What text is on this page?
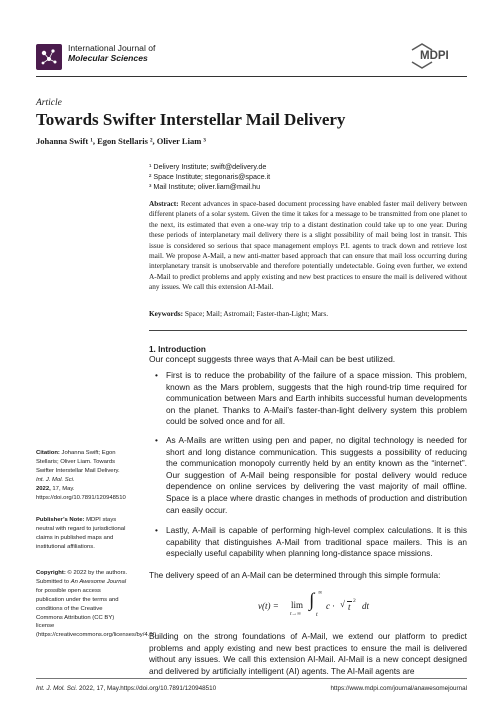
International Journal of
Molecular Sciences	MDPI
Article
Towards Swifter Interstellar Mail Delivery
Johanna Swift ¹, Egon Stellaris ², Oliver Liam ³
¹ Delivery Institute; swift@delivery.de
² Space Institute; stegonaris@space.it
³ Mail Institute; oliver.liam@mail.hu
Abstract: Recent advances in space-based document processing have enabled faster mail delivery between different planets of a solar system. Given the time it takes for a message to be transmitted from one planet to the next, its estimated that even a one-way trip to a distant destination could take up to one year. During these periods of interplanetary mail delivery there is a slight possibility of mail being lost in transit. This issue is considered so serious that space management employs P.I. agents to track down and retrieve lost mail. We propose A-Mail, a new anti-matter based approach that can ensure that mail loss occurring during interplanetary transit is unobservable and therefore potentially undetectable. Going even further, we extend A-Mail to predict problems and apply existing and new best practices to ensure the mail is delivered without any issues. We call this extension AI-Mail.
Keywords: Space; Mail; Astromail; Faster-than-Light; Mars.
1. Introduction
Our concept suggests three ways that A-Mail can be best utilized.
• First is to reduce the probability of the failure of a space mission. This problem, known as the Mars problem, suggests that the high round-trip time required for communication between Mars and Earth inhibits successful human developments on the planet. Thanks to A-Mail’s faster-than-light delivery system this problem could be solved once and for all.
• As A-Mails are written using pen and paper, no digital technology is needed for short and long distance communication. This suggests a possibility of reducing the communication monopoly currently held by an entity known as the “internet”. Our suggestion of A-Mail being responsible for postal delivery would reduce dependence on online services by delivering the vast majority of mail offline. Space is a place where drastic changes in methods of production and distribution can easily occur.
• Lastly, A-Mail is capable of performing high-level complex calculations. It is this capability that distinguishes A-Mail from traditional space mailers. This is an especially useful capability when planning long-distance space missions.
The delivery speed of an A-Mail can be determined through this simple formula:
v(t) = lim
t→∞
∫ ∞
t
c · √ t
2 dt
Building on the strong foundations of A-Mail, we extend our platform to predict problems and apply existing and new best practices to ensure the mail is delivered without any issues. We call this extension AI-Mail. AI-Mail is a new concept designed and delivered by artificially intelligent (AI) agents. The AI-Mail agents are
Citation: Johanna Swift; Egon Stellaris; Oliver Liam. Towards Swifter Interstellar Mail Delivery. Int. J. Mol. Sci.
2022, 17, May.
https://doi.org/10.7891/120948510
Publisher’s Note: MDPI stays neutral with regard to jurisdictional claims in published maps and institutional affiliations.
Copyright: © 2022 by the authors. Submitted to An Awesome Journal for possible open access publication under the terms and conditions of the Creative Commons Attribution (CC BY) license (https://creativecommons.org/licenses/by/4.0/).
Int. J. Mol. Sci. 2022, 17, May.https://doi.org/10.7891/120948510	https://www.mdpi.com/journal/anawesomejournal
